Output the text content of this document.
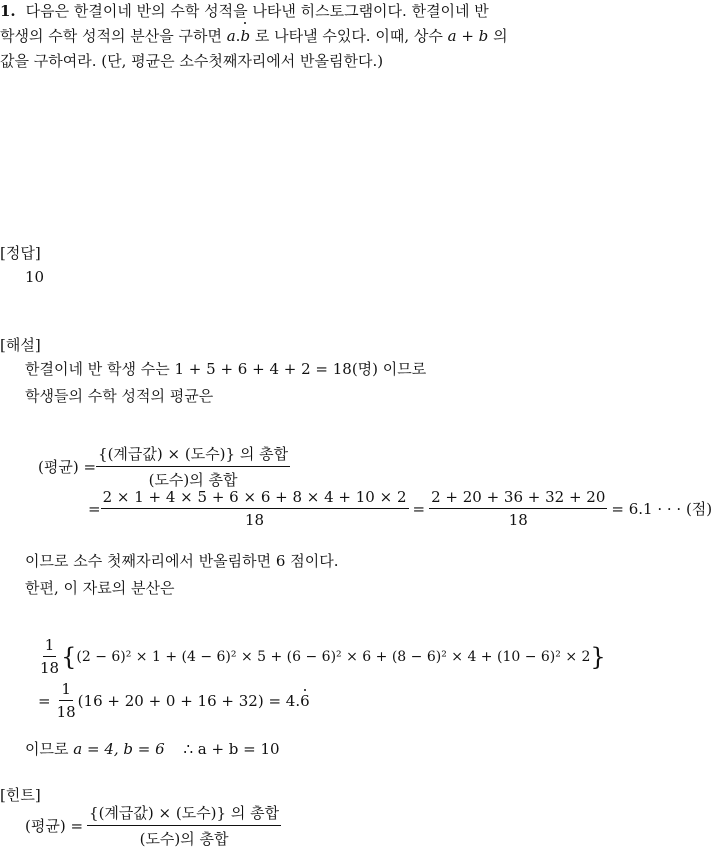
1. 다음은 한결이네 반의 수학 성적을 나타낸 히스토그램이다. 한결이네 반
학생의 수학 성적의 분산을 구하면 a.b 로 나타낼 수있다. 이때, 상수 a + b 의
값을 구하여라. (단, 평균은 소수첫째자리에서 반올림한다.)
[정답]
10
[해설]
한결이네 반 학생 수는 1 + 5 + 6 + 4 + 2 = 18(명) 이므로
학생들의 수학 성적의 평균은
(평균) = $\frac{\text{\{(계급값) × (도수)\} 의 총합}}{\text{(도수)의 총합}}$
= $\frac{2 \times 1 + 4 \times 5 + 6 \times 6 + 8 \times 4 + 10 \times 2}{18} = \frac{2 + 20 + 36 + 32 + 20}{18} = 6.1$ · · · (점)
이므로 소수 첫째자리에서 반올림하면 6 점이다.
한편, 이 자료의 분산은
$\frac{1}{18}$ { (2 − 6)² × 1 + (4 − 6)² × 5 + (6 − 6)² × 6 + (8 − 6)² × 4 + (10 − 6)² × 2 }
= $\frac{1}{18} (16 + 20 + 0 + 16 + 32) = 4$. 6
이므로 a = 4, b = 6 ∴ a + b = 10
[힌트]
(평균) = $\frac{\text{\{(계급값) × (도수)\} 의 총합}}{\text{(도수)의 총합}}$
